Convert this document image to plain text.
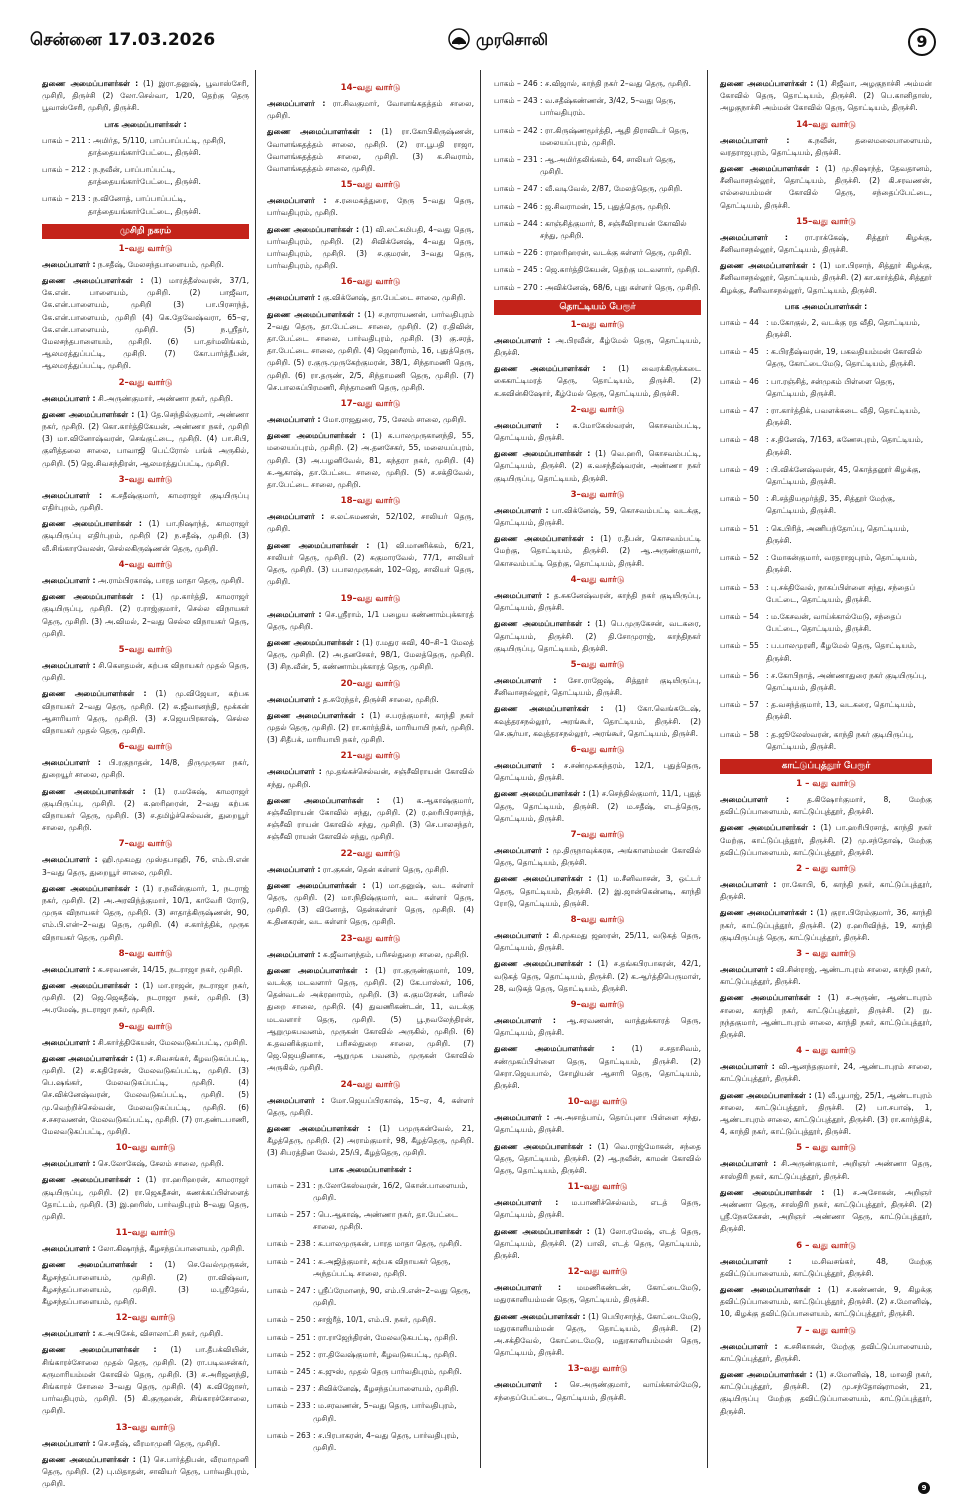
சென்னை 17.03.2026	முரசொலி	9

துணை அமைப்பாளர்கள் : (1) இரா.தனுஷ், பூவாஸ்சேரி, முசிறி, திருச்சி (2) லோ.செல்வா, 1/20, தெற்கு தெரு பூவாஸ்சேரி, முசிறி, திருச்சி.

பாக அமைப்பாளர்கள் :
பாகம் – 211 : அமிர்த, 5/110, பாப்பாப்பட்டி, முசிறி, தாத்தையங்கார்பேட்டை, திருச்சி.
பாகம் – 212 : ந.நவீன், பாப்பாப்பட்டி, தாத்தையங்கார்பேட்டை, திருச்சி.
பாகம் – 213 : ந.வினோத், பாப்பாப்பட்டி, தாத்தையங்கார்பேட்டை, திருச்சி.
முசிறி நகரம்
1–வது வார்டு

அமைப்பாளர் : ந.சதீஷ், மேலசந்தபாளையம், முசிறி.

துணை அமைப்பாளர்கள் : (1) மாரத்தீஸ்வரன், 37/1, கே.என். பாளையம், முசிறி. (2) பாஜீவா, கே.என்.பாளையம், முசிறி (3) பா.பிரசாந்த், கே.என்.பாளையம், முசிறி (4) கெ.தேவேஷ்வரா, 65–ஏ, கே.என்.பாளையம், முசிறி. (5) ந.ஸ்ரீதர், மேலசந்தபாளையம், முசிறி. (6) பா.தர்மலிங்கம், ஆலமரத்துப்பட்டி, முசிறி. (7) கோ.பார்த்தீபன், ஆலமரத்துப்பட்டி, முசிறி.

2–வது வார்டு

அமைப்பாளர் : சி.அருண்குமார், அண்ணா நகர், முசிறி.

துணை அமைப்பாளர்கள் : (1) தே.செந்தில்குமார், அண்ணா நகர், முசிறி. (2) கொ.கார்த்திகேயன், அண்ணா நகர், முசிறி (3) மா.வினோஷ்வரன், செங்குட்டை, முசிறி. (4) பா.சிபி, குளித்தலை சாலை, பாவாஜி பெட்ரோல் பங்க் அருகில், முசிறி. (5) ஜெ.சிவசந்திரன், ஆலமரத்துப்பட்டி, முசிறி.

3–வது வார்டு

அமைப்பாளர் : க.சதீஷ்குமார், காமராஜர் குடியிருப்பு எதிர்புறம், முசிறி.

துணை அமைப்பாளர்கள் : (1) பா.நிஷாந்த், காமராஜர் குடியிருப்பு எதிர்புறம், முசிறி (2) ந.சதீஷ், முசிறி. (3) வீ.சிங்காரவேலன், செல்லகிருஷ்ணன் தெரு, முசிறி.

4–வது வார்டு

அமைப்பாளர் : அ.ராம்பிரகாஷ், பாரத மாதா தெரு, முசிறி.

துணை அமைப்பாளர்கள் : (1) மு.கார்த்தி, காமராஜர் குடியிருப்பு, முசிறி. (2) ர.ராஜ்குமார், செல்ல விநாயகர் தெரு, முசிறி. (3) அ.விமல், 2–வது செல்ல விநாயகர் தெரு, முசிறி.

5–வது வார்டு

அமைப்பாளர் : சி.கௌதமன், கற்பக விநாயகர் முதல் தெரு, முசிறி.

துணை அமைப்பாளர்கள் : (1) மு.விஜேயா, கற்பக விநாயகர் 2–வது தெரு, முசிறி. (2) சு.ஜீவானந்தி, மூக்கன் ஆசாரியார் தெரு, முசிறி. (3) ச.ஜெயபிரகாஷ், செல்ல விநாயகர் முதல் தெரு, முசிறி.

6–வது வார்டு

அமைப்பாளர் : பி.ரகுநாதன், 14/8, திருமுருகா நகர், துறையூர் சாலை, முசிறி.

துணை அமைப்பாளர்கள் : (1) ர.மகேஷ், காமராஜர் குடியிருப்பு, முசிறி. (2) க.ஹரிஹரன், 2–வது கற்பக விநாயகர் தெரு, முசிறி. (3) ச.தமிழ்ச்செல்வன், துறையூர் சாலை, முசிறி.

7–வது வார்டு

அமைப்பாளர் : ஹி.முகமது முஸ்தபாஹி, 76, எம்.பி.என் 3–வது தெரு, துறையூர் சாலை, முசிறி.

துணை அமைப்பாளர்கள் : (1) ர.நவீன்குமார், 1, நடராஜ் நகர், முசிறி. (2) அ.அரவிந்த்குமார், 10/1, காவேரி ரோடு, முருக விநாயகர் தெரு, முசிறி. (3) சாதாத்கிருஷ்ணன், 90, எம்.பி.என்–2–வது தெரு, முசிறி. (4) ச.கார்த்திக், முருக விநாயகர் தெரு, முசிறி.

8–வது வார்டு

அமைப்பாளர் : க.சரவணன், 14/15, நடராஜா நகர், முசிறி.

துணை அமைப்பாளர்கள் : (1) மா.ராஜன், நடராஜா நகர், முசிறி. (2) ஜெ.ஜெகதீஷ், நடராஜா நகர், முசிறி. (3) அ.ரமேஷ், நடராஜா நகர், முசிறி.

9–வது வார்டு

அமைப்பாளர் : சி.கார்த்திகேயன், மேலவடுகப்பட்டி, முசிறி.

துணை அமைப்பாளர்கள் : (1) ச.சிவசங்கர், கீழவடுகப்பட்டி, முசிறி. (2) ச.கதிரேசன், மேலவடுகப்பட்டி, முசிறி. (3) பெ.ஷங்கர், மேலவடுகப்பட்டி, முசிறி. (4) செ.விக்னேஷ்வரன், மேலவடுகப்பட்டி, முசிறி. (5) மு.வெற்றிச்செல்வன், மேலவடுகப்பட்டி, முசிறி. (6) ச.சசரவணன், மேலவடுகப்பட்டி, முசிறி. (7) ரா.தண்டபாணி, மேலவடுகப்பட்டி, முசிறி.

10–வது வார்டு

அமைப்பாளர் : செ.லோகேஷ், சேலம் சாலை, முசிறி.

துணை அமைப்பாளர்கள் : (1) ரா.ஹரிஹரன், காமராஜர் குடியிருப்பு, முசிறி. (2) ரா.ஜெகதீசன், கணக்கப்பிள்ளைத் தோட்டம், முசிறி. (3) இ.ஹரிஸ், பார்வதிபுரம் 8–வது தெரு, முசிறி.

11–வது வார்டு

அமைப்பாளர் : லோ.கிஷாந்த், கீழசந்தப்பாளையம், முசிறி.

துணை அமைப்பாளர்கள் : (1) செ.வேல்முருகன், கீழசந்தப்பாளையம், முசிறி. (2) ரா.விஷ்வா, கீழசந்தப்பாளையம், முசிறி. (3) ம.ஸ்ரீதேவ், கீழசந்தப்பாளையம், முசிறி.

12–வது வார்டு

அமைப்பாளர் : க.அபிசேக், விசாலாட்சி நகர், முசிறி.

துணை அமைப்பாளர்கள் : (1) பா.தீபக்வியின், சிங்காரச்சோலை முதல் தெரு, முசிறி. (2) ரா.படிவசன்கர், கருமாரியம்மன் கோவில் தெரு, முசிறி. (3) ச.அரிஜனந்தி, சிங்காரச் சோலை 3–வது தெரு, முசிறி. (4) க.விஜோசர், பார்வதிபுரம், முசிறி. (5) கி.குருஹன், சிங்காரச்சோலை, முசிறி.

13–வது வார்டு

அமைப்பாளர் : செ.சதீஷ், வீரமாமுனி தெரு, முசிறி.

துணை அமைப்பாளர்கள் : (1) செ.பார்த்திபன், வீரமாமுனி தெரு, முசிறி. (2) பு.மிதாதன், சாவியர் தெரு, பார்வதிபுரம், முசிறி.

14–வது வார்டு

அமைப்பாளர் : ரா.சிவகுமார், வோளங்கதத்தம் சாலை, முசிறி.

துணை அமைப்பாளர்கள் : (1) ரா.கோபிகிருஷ்ணன், வோளங்கதத்தம் சாலை, முசிறி. (2) ரா.பூபதி ராஜா, வோளங்கதத்தம் சாலை, முசிறி. (3) க.சிவராம், வோளங்கதத்தம் சாலை, முசிறி.

15–வது வார்டு

அமைப்பாளர் : ச.ரமைகத்துரை, நேரு 5–வது தெரு, பார்வதிபுரம், முசிறி.

துணை அமைப்பாளர்கள் : (1) வி.லட்சுமிபதி, 4–வது தெரு, பார்வதிபுரம், முசிறி. (2) சிவிக்னேஷ், 4–வது தெரு, பார்வதிபுரம், முசிறி. (3) ச.குமரன், 3–வது தெரு, பார்வதிபுரம், முசிறி.

16–வது வார்டு

அமைப்பாளர் : கு.விக்னேஷ், தா.பேட்டை சாலை, முசிறி.

துணை அமைப்பாளர்கள் : (1) ச.நாராயணன், பார்வதிபுரம் 2–வது தெரு, தா.பேட்டை சாலை, முசிறி. (2) ர.திவின், தா.பேட்டை சாலை, பார்வதிபுரம், முசிறி. (3) கு.சரத், தா.பேட்டை சாலை, முசிறி. (4) ஜெஹரீராம், 16, புதுத்தெரு, முசிறி. (5) ர.குரு.முருகேற்குமரன், 38/1, சிந்தாமணி தெரு, முசிறி. (6) ரா.தருண், 2/5, சிந்தாமணி தெரு, முசிறி. (7) செ.பாலசுப்பிரமணி, சிந்தாமணி தெரு, முசிறி.

17–வது வார்டு

அமைப்பாளர் : மோ.ராஜதுரை, 75, சேலம் சாலை, முசிறி.

துணை அமைப்பாளர்கள் : (1) க.பாலமுருகானந்தி, 55, மலையப்புரம், முசிறி. (2) அ.தனசேகர், 55, மலையப்புரம், முசிறி. (3) அ.பழனிவேல், 81, கந்தரா நகர், முசிறி. (4) சு.ஆகாஷ், தா.பேட்டை சாலை, முசிறி. (5) ச.சக்திவேல், தா.பேட்டை சாலை, முசிறி.

18–வது வார்டு

அமைப்பாளர் : ச.லட்சுமணன், 52/102, சாலியர் தெரு, முசிறி.

துணை அமைப்பாளர்கள் : (1) வி.மாணிக்கம், 6/21, சாலியர் தெரு, முசிறி. (2) சுகுமாரவேல், 77/1, சாலியர் தெரு, முசிறி. (3) பபாலமுருகன், 102–ஜெ, சாலியர் தெரு, முசிறி.

19–வது வார்டு

அமைப்பாளர் : செ.ஸ்ரீராம், 1/1 பழைய கண்ணாம்புக்காரத் தெரு, முசிறி.

துணை அமைப்பாளர்கள் : (1) ர.மதுர கவி, 40–சி–1 மேலத் தெரு, முசிறி. (2) அ.தனசேகர், 98/1, மேலத்தெரு, முசிறி. (3) சிந.வீன், 5, கண்ணாம்புக்காரத் தெரு, முசிறி.

20–வது வார்டு

அமைப்பாளர் : த.சுரேந்தர், திருச்சி சாலை, முசிறி.

துணை அமைப்பாளர்கள் : (1) ச.பரத்குமார், காந்தி நகர் முதல் தெரு, முசிறி. (2) ரா.கார்த்திக், மாரியாயி நகர், முசிறி. (3) சிதீபக், மாரியாயி நகர், முசிறி.

21–வது வார்டு

அமைப்பாளர் : மு.தங்கச்செல்வன், சஞ்சீவிராயன் கோவில் சந்து, முசிறி.

துணை அமைப்பாளர்கள் : (1) க.ஆகாஷ்குமார், சஞ்சீவிராயன் கோவில் சந்து, முசிறி. (2) ர.ஹரிபிரசாந்த், சஞ்சீவி ராயன் கோவில் சந்து, முசிறி. (3) செ.பாலசந்தர், சஞ்சீவி ராயன் கோவில் சந்து, முசிறி.

22–வது வார்டு

அமைப்பாளர் : ரா.குகன், தென் கள்ளர் தெரு, முசிறி.

துணை அமைப்பாளர்கள் : (1) மா.தனுஷ், வட கள்ளர் தெரு, முசிறி. (2) மா.நிதிஷ்குமார், வட கள்ளர் தெரு, முசிறி. (3) வினோத், தென்கள்ளர் தெரு, முசிறி. (4) க.தினகரன், வட கள்ளர் தெரு, முசிறி.

23–வது வார்டு

அமைப்பாளர் : சு.ஜீவானந்தம், பரிசல்துறை சாலை, முசிறி.

துணை அமைப்பாளர்கள் : (1) ரா.குருண்குமார், 109, வடக்கு மடவளார் தெரு, முசிறி. (2) கே.பாஸ்கர், 106, தென்வடல் அக்ரஹாரம், முசிறி. (3) சு.குமரேசன், பரிசல் துறை சாலை, முசிறி. (4) துவணிகண்டன், 11, வடக்கு மடவளார் தெரு, முசிறி. (5) பூ.நவலேந்திரன், ஆறுமுகபவனம், முருகன் கோவில் அருகில், முசிறி. (6) சு.தவனிக்குமார், பரிசல்துறை சாலை, முசிறி. (7) ஜெ.ஜெயதினாசு, ஆறுமுக பவனம், முருகன் கோவில் அருகில், முசிறி.

24–வது வார்டு

அமைப்பாளர் : மோ.ஜெயப்பிரகாஷ், 15–ஏ, 4, கள்ளர் தெரு, முசிறி.

துணை அமைப்பாளர்கள் : (1) பமுருகன்வேல், 21, கீழத்தெரு, முசிறி. (2) அராம்குமார், 98, கீழத்தெரு, முசிறி. (3) சிபரத்தின வேல், 25/பி, கீழத்தெரு, முசிறி.

பாக அமைப்பாளர்கள் :
பாகம் – 231 : ந.லோகேஸ்வரன், 16/2, கொன்.பாளையம், முசிறி.
பாகம் – 257 : பெ.ஆகாஷ், அண்ணா நகர், தா.பேட்டை சாலை, முசிறி.
பாகம் – 238 : க.பாலமுருகன், பாரத மாதா தெரு, முசிறி.
பாகம் – 241 : சு.அஜித்குமார், கற்பக விநாயகர் தெரு, அந்தப்பட்டி சாலை, முசிறி.
பாகம் – 247 : ஸ்ரீப்ரேமானந், 90, எம்.பி.என்–2–வது தெரு, முசிறி.
பாகம் – 250 : சாஜ்ரீத், 10/1, எம்.பி. நகர், முசிறி.
பாகம் – 251 : ரா.ராஜேந்திரன், மேலவடுகபட்டி, முசிறி.
பாகம் – 252 : ரா.திவேஷ்குமார், கீழவடுகபட்டி, முசிறி.
பாகம் – 245 : சு.ஜுஸ், முதல் தெரு பார்வதிபுரம், முசிறி.
பாகம் – 237 : சிவிக்னேஷ், கீழசந்தப்பாளையம், முசிறி.
பாகம் – 233 : ம.சரவணன், 5–வது தெரு, பார்வதிபுரம், முசிறி.
பாகம் – 263 : ச.பிரபாகரன், 4–வது தெரு, பார்வதிபுரம், முசிறி.
பாகம் – 246 : ச.விஜால், காந்தி நகர் 2–வது தெரு, முசிறி.
பாகம் – 243 : வ.சதீஷ்கண்ணன், 3/42, 5–வது தெரு, பார்வதிபுரம்.
பாகம் – 242 : ரா.கிருஷ்ணமூர்த்தி, ஆதி திராவிடர் தெரு, மலையப்புரம், முசிறி.
பாகம் – 231 : ஆ.அமிர்தலிங்கம், 64, சாலியர் தெரு, முசிறி.
பாகம் – 247 : வீ.வடிவேல், 2/87, மேலத்தெரு, முசிறி.
பாகம் – 246 : ஜ.சிவராமன், 15, புதுத்தெரு, முசிறி.
பாகம் – 244 : காஞ்சித்குமார், 8, சஞ்சீவிராயன் கோவில் சந்து, முசிறி.
பாகம் – 226 : ராஹரிஹரன், வடக்கு கள்ளர் தெரு, முசிறி.
பாகம் – 245 : ஜெ.கார்த்திகேயன், தெற்கு மடவளார், முசிறி.
பாகம் – 270 : அவிக்னேஷ், 68/6, புது கள்ளர் தெரு, முசிறி.
தொட்டியம் பேரூர்
1–வது வார்டு

அமைப்பாளர் : அ.பிரவீன், கீழ்மேல் தெரு, தொட்டியம், திருச்சி.

துணை அமைப்பாளர்கள் : (1) வைரக்கிருக்கடை கைகாட்டிமரத் தெரு, தொட்டியம், திருச்சி. (2) க.கவின்கிஷோர், கீழ்மேல் தெரு, தொட்டியம், திருச்சி.

2–வது வார்டு

அமைப்பாளர் : க.மோகேஸ்வரன், கொசவம்பட்டி, தொட்டியம், திருச்சி.

துணை அமைப்பாளர்கள் : (1) வெ.ஹரி, கொசவம்பட்டி, தொட்டியம், திருச்சி. (2) க.வசந்தீஷ்வரன், அண்ணா நகர் குடியிருப்பு, தொட்டியம், திருச்சி.

3–வது வார்டு

அமைப்பாளர் : பா.விக்னேஷ், 59, கொசவம்பட்டி வடக்கு, தொட்டியம், திருச்சி.

துணை அமைப்பாளர்கள் : (1) ர.தீபன், கொசவம்பட்டி மேற்கு, தொட்டியம், திருச்சி. (2) ஆ.அருண்குமார், கொசவம்பட்டி தெற்கு, தொட்டியம், திருச்சி.

4–வது வார்டு

அமைப்பாளர் : த.சுகனேஷ்வரன், காந்தி நகர் குடியிருப்பு, தொட்டியம், திருச்சி.

துணை அமைப்பாளர்கள் : (1) பெ.முருகேசன், வடகரை, தொட்டியம், திருச்சி. (2) தி.சோமுராஜ், காந்திநகர் குடியிருப்பு, தொட்டியம், திருச்சி.

5–வது வார்டு

அமைப்பாளர் : சோ.ராஜேஷ், சித்தூர் குடியிருப்பு, சீனிவாசநல்லூர், தொட்டியம், திருச்சி.

துணை அமைப்பாளர்கள் : (1) கோ.வெங்கடேஷ், கவுத்தரசநல்லூர், அரங்கூர், தொட்டியம், திருச்சி. (2) செ.சூர்யா, கவுத்தரசநல்லூர், அரங்கூர், தொட்டியம், திருச்சி.

6–வது வார்டு

அமைப்பாளர் : ச.சண்முகசுந்தரம், 12/1, புதுத்தெரு, தொட்டியம், திருச்சி.

துணை அமைப்பாளர்கள் : (1) ச.செந்தில்குமார், 11/1, புதுத் தெரு, தொட்டியம், திருச்சி. (2) ம.சதீஷ், எடத்தெரு, தொட்டியம், திருச்சி.

7–வது வார்டு

அமைப்பாளர் : மு.திருநாவுக்கரசு, அங்காளம்மன் கோவில் தெரு, தொட்டியம், திருச்சி.

துணை அமைப்பாளர்கள் : (1) ம.சீனிவாசன், 3, ஒட்டர் தெரு, தொட்டியம், திருச்சி. (2) இ.ஜான்கென்னடி, காந்தி ரோடு, தொட்டியம், திருச்சி.

8–வது வார்டு

அமைப்பாளர் : கி.முகமது ஜஹரன், 25/11, வடுகத் தெரு, தொட்டியம், திருச்சி.

துணை அமைப்பாளர்கள் : (1) ச.தங்கபிரபாகரன், 42/1, வடுகத் தெரு, தொட்டியம், திருச்சி. (2) க.ஆர்த்திபெருமாள், 28, வடுகத் தெரு, தொட்டியம், திருச்சி.

9–வது வார்டு

அமைப்பாளர் : ஆ.சரவணன், வாத்துக்காரத் தெரு, தொட்டியம், திருச்சி.

துணை அமைப்பாளர்கள் : (1) ச.சதாசிவம், சண்முகப்பிள்ளை தெரு, தொட்டியம், திருச்சி. (2) செரா.ஜெயபால், சோழியன் ஆசாரி தெரு, தொட்டியம், திருச்சி.

10–வது வார்டு

அமைப்பாளர் : அ.அசாத்பாய், தொப்புளா பிள்ளை சந்து, தொட்டியம், திருச்சி.

துணை அமைப்பாளர்கள் : (1) வெ.ராஜ்மோகன், சந்தை தெரு, தொட்டியம், திருச்சி. (2) ஆ.நவீன், காமன் கோவில் தெரு, தொட்டியம், திருச்சி.

11–வது வார்டு

அமைப்பாளர் : ம.பாணிச்செல்வம், எடத் தெரு, தொட்டியம், திருச்சி.

துணை அமைப்பாளர்கள் : (1) லோ.ரமேஷ், எடத் தெரு, தொட்டியம், திருச்சி. (2) பாலி, எடத் தெரு, தொட்டியம், திருச்சி.

12–வது வார்டு

அமைப்பாளர் : மமணிகண்டன், கோட்டைமேடு, மதுரகாளியம்மன் தெரு, தொட்டியம், திருச்சி.

துணை அமைப்பாளர்கள் : (1) பெபிரசாந்த், கோட்டைமேடு, மதுரகாளியம்மன் தெரு, தொட்டியம், திருச்சி. (2) அ.சக்திவேல், கோட்டைமேடு, மதுரகாளியம்மன் தெரு, தொட்டியம், திருச்சி.

13–வது வார்டு

அமைப்பாளர் : செ.அருண்குமார், வாய்க்கால்மேடு, சந்தைப்பேட்டை, தொட்டியம், திருச்சி.

துணை அமைப்பாளர்கள் : (1) சிஜீவா, அழகுநாச்சி அம்மன் கோவில் தெரு, தொட்டியம், திருச்சி. (2) பெ.கானிதாஸ், அழகுநாச்சி அம்மன் கோவில் தெரு, தொட்டியம், திருச்சி.

14–வது வார்டு

அமைப்பாளர் : க.நவீன், தலைமலைபாளையம், வரதராஜபுரம், தொட்டியம், திருச்சி.

துணை அமைப்பாளர்கள் : (1) மு.நிஷாந்த், தேவதானம், சீனிவாசநல்லூர், தொட்டியம், திருச்சி. (2) கி.சரவணன், எல்லையம்மன் கோவில் தெரு, சந்தைப்பேட்டை, தொட்டியம், திருச்சி.

15–வது வார்டு

அமைப்பாளர் : ரா.ராக்கேஷ், சித்தூர் கிழக்கு, சீனிவாசநல்லூர், தொட்டியம், திருச்சி.

துணை அமைப்பாளர்கள் : (1) மா.பிரசாந், சித்தூர் கிழக்கு, சீனிவாசநல்லூர், தொட்டியம், திருச்சி. (2) கா.கார்த்திக், சித்தூர் கிழக்கு, சீனிவாசநல்லூர், தொட்டியம், திருச்சி.

பாக அமைப்பாளர்கள் :
பாகம் – 44 : ம.கோகுல், 2, வடக்கு ரத வீதி, தொட்டியம், திருச்சி.
பாகம் – 45 : க.பிரதீஷ்வரன், 19, பகவதியம்மன் கோவில் தெரு, கோட்டைமேடு, தொட்டியம், திருச்சி.
பாகம் – 46 : பா.ரஞ்சித், சன்முகம் பிள்ளை தெரு, தொட்டியம், திருச்சி.
பாகம் – 47 : ரா.கார்த்திக், பவளக்கடை வீதி, தொட்டியம், திருச்சி.
பாகம் – 48 : ச.தினேஷ், 7/163, கணேசபுரம், தொட்டியம், திருச்சி.
பாகம் – 49 : பி.விக்னேஷ்வரன், 45, கொத்தனூர் கிழக்கு, தொட்டியம், திருச்சி.
பாகம் – 50 : சி.சத்தியமூர்த்தி, 35, சித்தூர் மேற்கு, தொட்டியம், திருச்சி.
பாகம் – 51 : கெ.பிரித், அணிபந்தோப்பு, தொட்டியம், திருச்சி.
பாகம் – 52 : மோகன்குமார், வரதராஜபுரம், தொட்டியம், திருச்சி.
பாகம் – 53 : பு.சக்திவேல், நாகப்பிள்ளை சந்து, சந்தைப் பேட்டை, தொட்டியம், திருச்சி.
பாகம் – 54 : ம.கேசவன், வாய்க்கால்மேடு, சந்தைப் பேட்டை, தொட்டியம், திருச்சி.
பாகம் – 55 : ப.பாலமுரளி, கீழமேல் தெரு, தொட்டியம், திருச்சி.
பாகம் – 56 : ச.கோபிநாத், அண்ணாதுரை நகர் குடியிருப்பு, தொட்டியம், திருச்சி.
பாகம் – 57 : த.வசந்த்குமார், 13, வடகரை, தொட்டியம், திருச்சி.
பாகம் – 58 : த.ஜூலேஸ்வரன், காந்தி நகர் குடியிருப்பு, தொட்டியம், திருச்சி.
காட்டுப்புத்தூர் பேரூர்
1 – வது வார்டு

அமைப்பாளர் : த.கிஷோர்குமார், 8, மேற்கு தவிட்டுப்பாளையம், காட்டுப்புத்தூர், திருச்சி.

துணை அமைப்பாளர்கள் : (1) பா.ஹரிபிரசாத், காந்தி நகர் மேற்கு, காட்டுப்புத்தூர், திருச்சி. (2) மு.சந்தோஷ், மேற்கு தவிட்டுப்பாளையம், காட்டுப்புத்தூர், திருச்சி.

2 – வது வார்டு

அமைப்பாளர் : ரா.கோபி, 6, காந்தி நகர், காட்டுப்புத்தூர், திருச்சி.

துணை அமைப்பாளர்கள் : (1) குரா.பிரேம்குமார், 36, காந்தி நகர், காட்டுப்புத்தூர், திருச்சி. (2) ர.ஹரிவிந்த், 19, காந்தி குடியிருப்புத் தெரு, காட்டுப்புத்தூர், திருச்சி.

3 – வது வார்டு

அமைப்பாளர் : வி.சின்ராஜ், ஆண்டாபுரம் சாலை, காந்தி நகர், காட்டுப்புத்தூர், திருச்சி.

துணை அமைப்பாளர்கள் : (1) ச.அருண், ஆண்டாபுரம் சாலை, காந்தி நகர், காட்டுப்புத்தூர், திருச்சி. (2) நு. நந்தகுமார், ஆண்டாபுரம் சாலை, காந்தி நகர், காட்டுப்புத்தூர், திருச்சி.

4 – வது வார்டு

அமைப்பாளர் : வி.ஆனந்தகுமார், 24, ஆண்டாபுரம் சாலை, காட்டுப்புத்தூர், திருச்சி.

துணை அமைப்பாளர்கள் : (1) வீ.பூபாஜ், 25/1, ஆண்டாபுரம் சாலை, காட்டுப்புத்தூர், திருச்சி. (2) பா.சபாஷ், 1, ஆண்டாபுரம் சாலை, காட்டுப்புத்தூர், திருச்சி. (3) ரா.கார்த்திக், 4, காந்தி நகர், காட்டுப்புத்தூர், திருச்சி.

5 – வது வார்டு

அமைப்பாளர் : சி.அருண்குமார், அறிஞர் அண்ணா தெரு, சாஸ்திரி நகர், காட்டுப்புத்தூர், திருச்சி.

துணை அமைப்பாளர்கள் : (1) ச.அசோகன், அறிஞர் அண்ணா தெரு, சாஸ்திரி நகர், காட்டுப்புத்தூர், திருச்சி. (2) ஸ்ரீ.நேசுகேசன், அறிஞர் அண்ணா தெரு, காட்டுப்புத்தூர், திருச்சி.

6 – வது வார்டு

அமைப்பாளர் : ம.சிவசங்கர், 48, மேற்கு தவிட்டுப்பாளையம், காட்டுப்புத்தூர், திருச்சி.

துணை அமைப்பாளர்கள் : (1) ச.கண்ணன், 9, கிழக்கு தவிட்டுப்பாளையம், காட்டுப்புத்தூர், திருச்சி. (2) ச.மோனிஷ், 10, கிழக்கு தவிட்டுப்பாளையம், காட்டுப்புத்தூர், திருச்சி.

7 – வது வார்டு

அமைப்பாளர் : க.சசிகாகன், மேற்கு தவிட்டுப்பாளையம், காட்டுப்புத்தூர், திருச்சி.

துணை அமைப்பாளர்கள் : (1) ச.மோனிஷ், 18, மாலதி நகர், காட்டுப்புத்தூர், திருச்சி. (2) மு.சந்தோஷ்ராமன், 21, குடியிருப்பு மேற்கு தவிட்டுப்பாளையம், காட்டுப்புத்தூர், திருச்சி.

9
